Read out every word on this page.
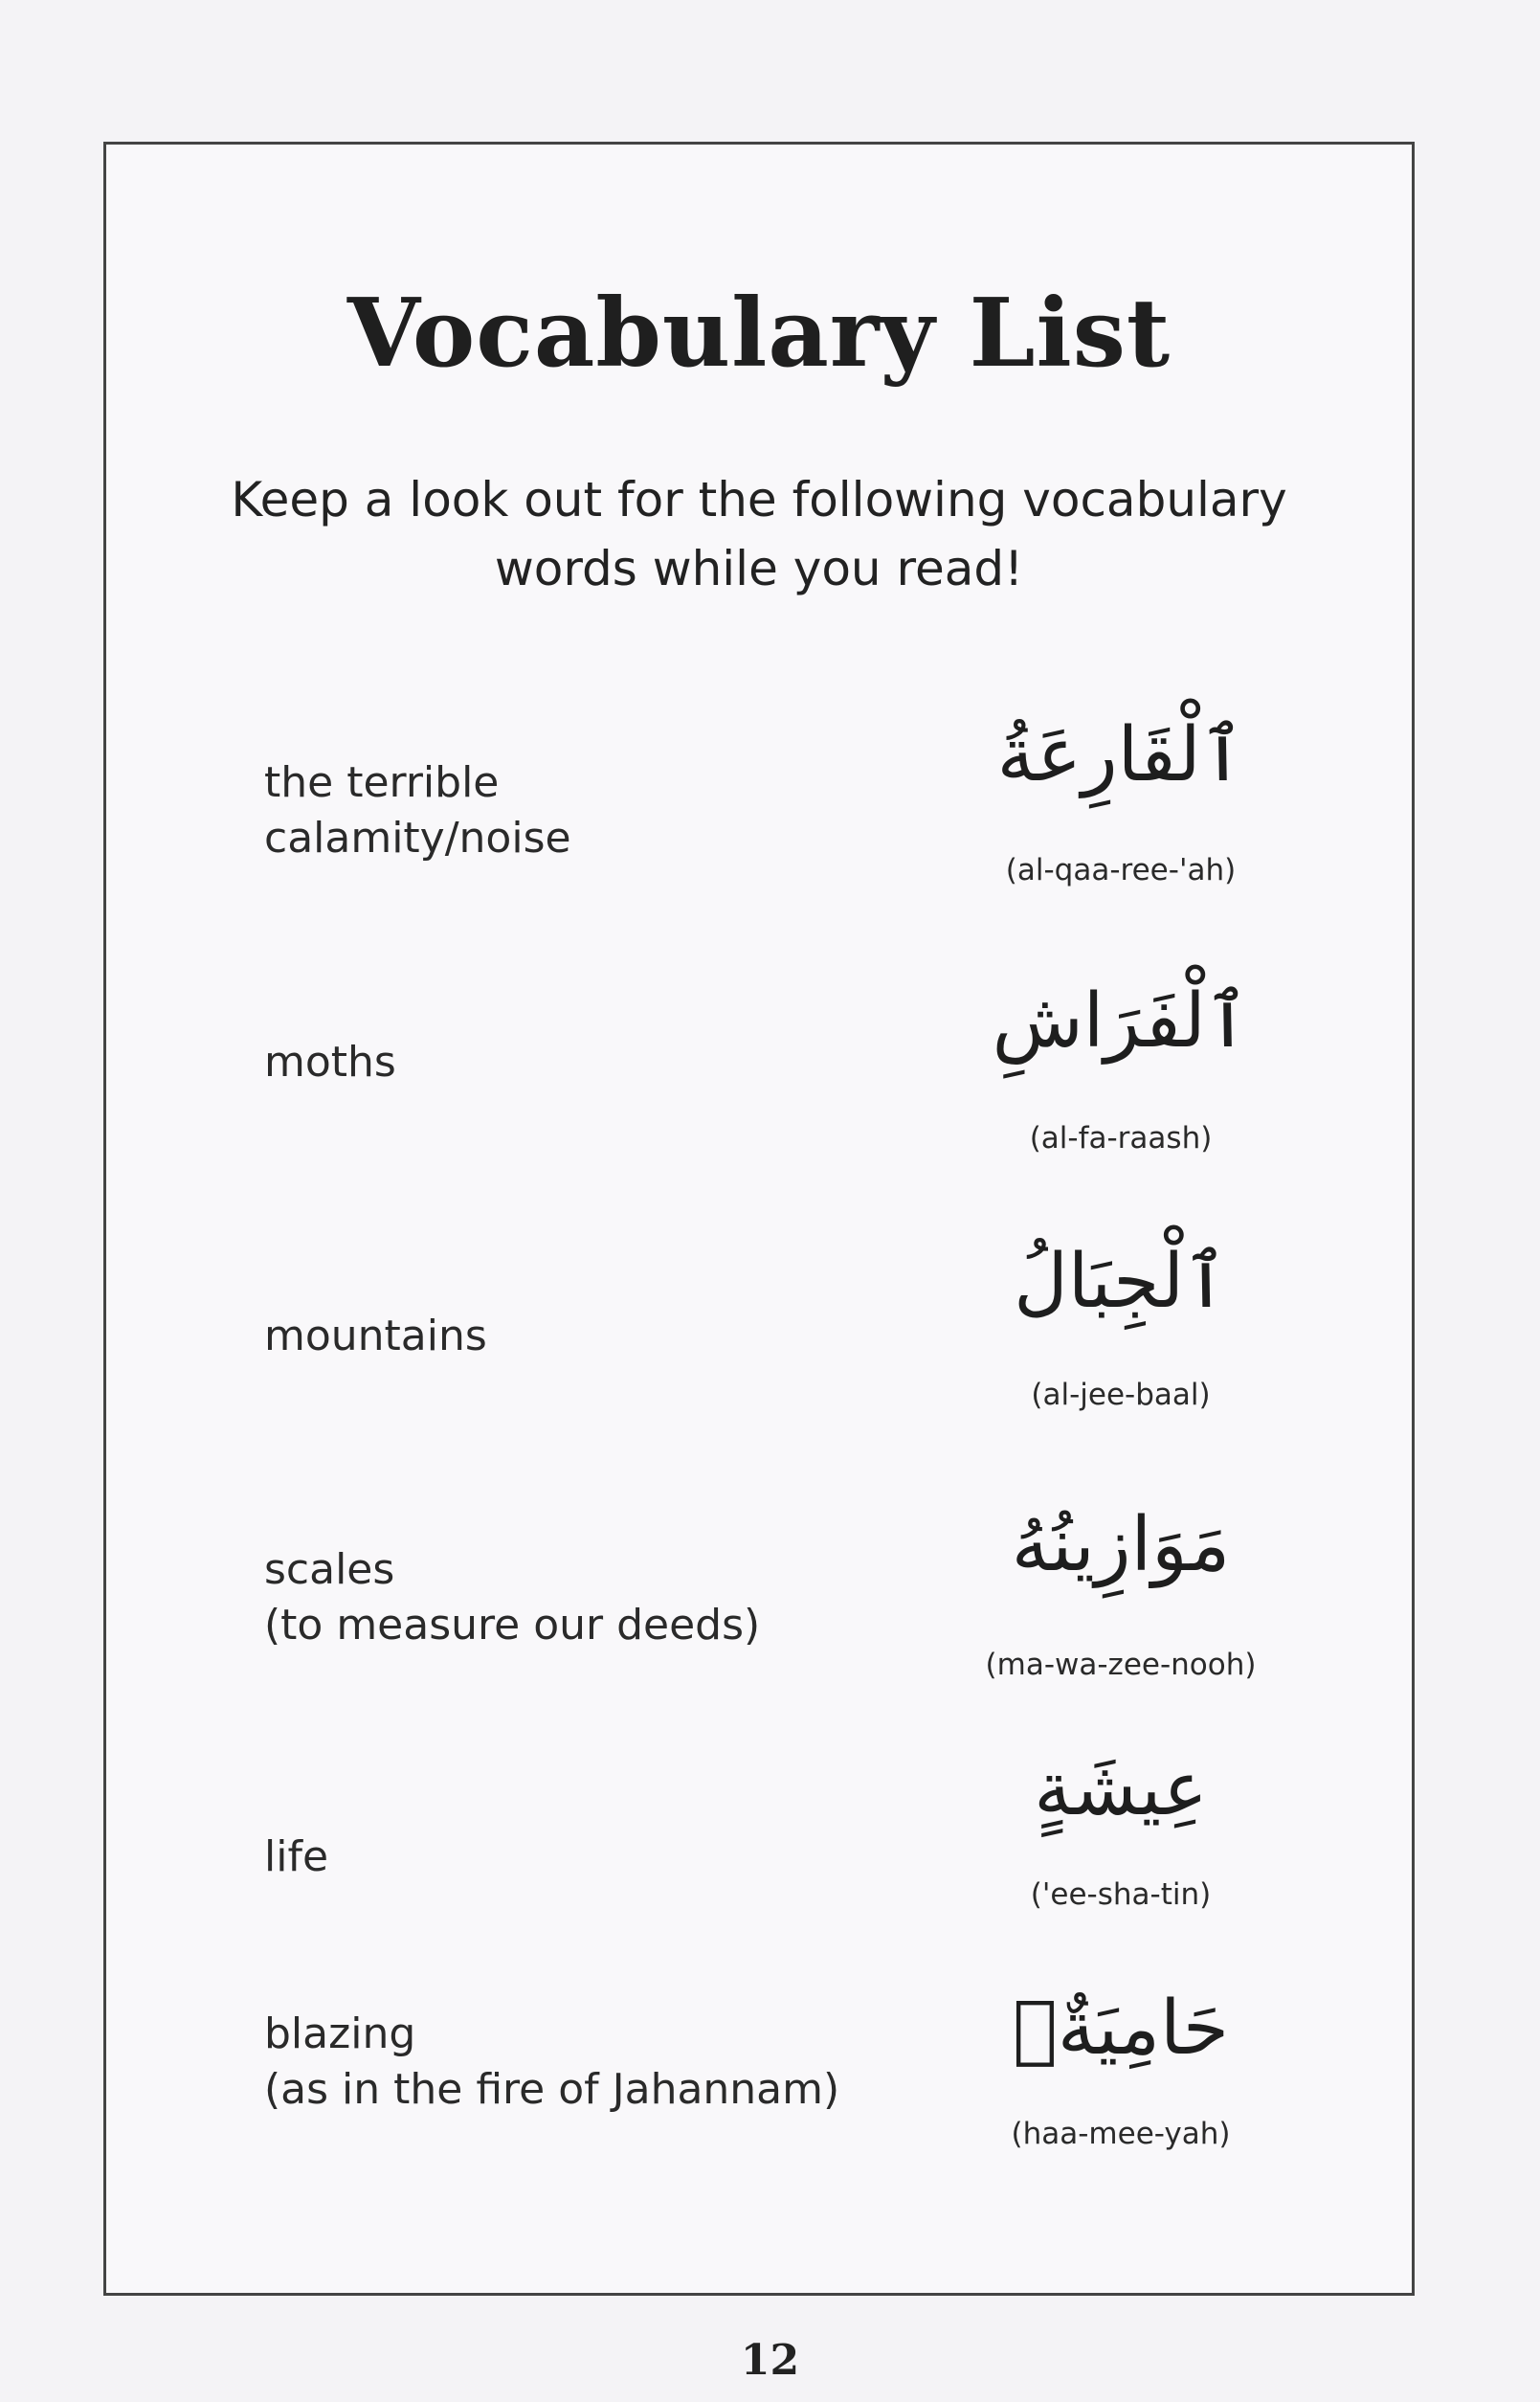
Vocabulary List
Keep a look out for the following vocabulary
words while you read!
the terrible
calamity/noise
ٱلْقَارِعَةُ
(al-qaa-ree-'ah)
moths	ٱلْفَرَاشِ
(al-fa-raash)
mountains
ٱلْجِبَالُ
(al-jee-baal)
scales
(to measure our deeds)
مَوَازِينُهُ
(ma-wa-zee-nooh)
life
عِيشَةٍ
('ee-sha-tin)
blazing
(as in the fire of Jahannam)
حَامِيَةٌۢ
(haa-mee-yah)
12
